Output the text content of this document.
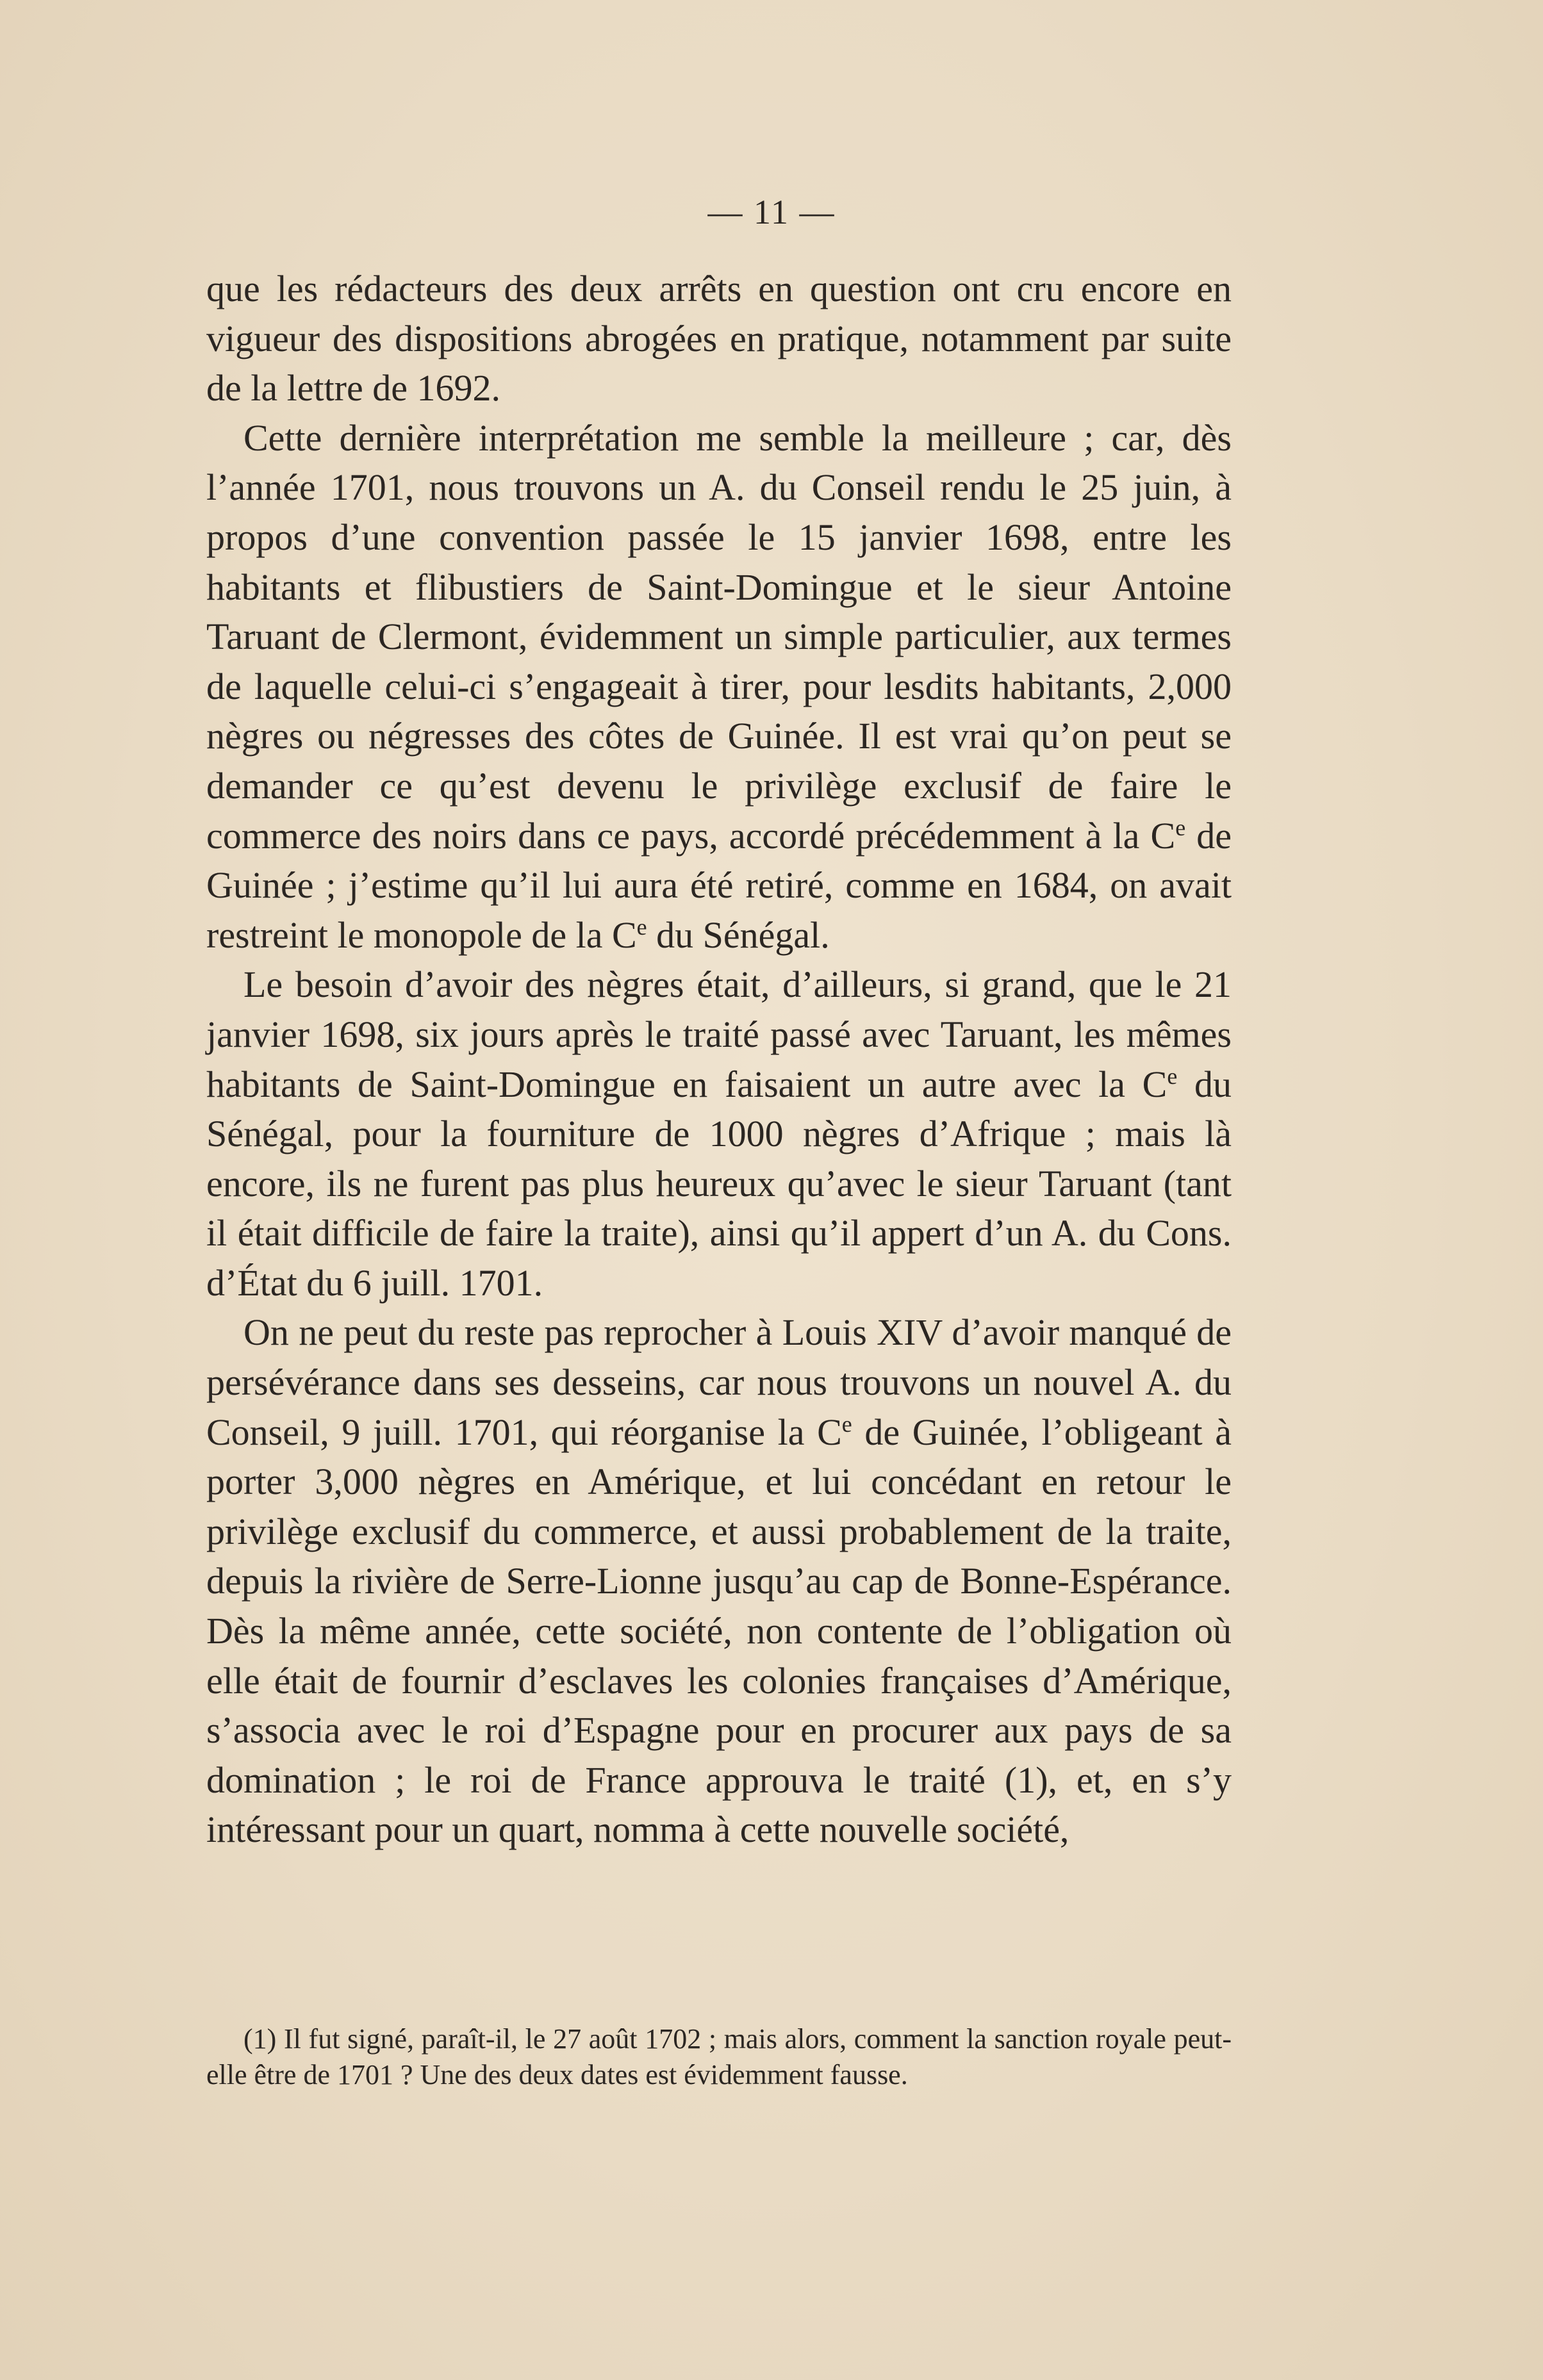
— 11 —

que les rédacteurs des deux arrêts en question ont cru encore en vigueur des dispositions abrogées en pratique, notamment par suite de la lettre de 1692.

Cette dernière interprétation me semble la meilleure ; car, dès l’année 1701, nous trouvons un A. du Conseil rendu le 25 juin, à propos d’une convention passée le 15 janvier 1698, entre les habitants et flibustiers de Saint-Domingue et le sieur Antoine Taruant de Clermont, évidemment un simple particulier, aux termes de laquelle celui-ci s’engageait à tirer, pour lesdits habitants, 2,000 nègres ou négresses des côtes de Guinée. Il est vrai qu’on peut se demander ce qu’est devenu le privilège exclusif de faire le commerce des noirs dans ce pays, accordé précédemment à la Ce de Guinée ; j’estime qu’il lui aura été retiré, comme en 1684, on avait restreint le monopole de la Ce du Sénégal.

Le besoin d’avoir des nègres était, d’ailleurs, si grand, que le 21 janvier 1698, six jours après le traité passé avec Taruant, les mêmes habitants de Saint-Domingue en faisaient un autre avec la Ce du Sénégal, pour la fourniture de 1000 nègres d’Afrique ; mais là encore, ils ne furent pas plus heureux qu’avec le sieur Taruant (tant il était difficile de faire la traite), ainsi qu’il appert d’un A. du Cons. d’État du 6 juill. 1701.

On ne peut du reste pas reprocher à Louis XIV d’avoir manqué de persévérance dans ses desseins, car nous trouvons un nouvel A. du Conseil, 9 juill. 1701, qui réorganise la Ce de Guinée, l’obligeant à porter 3,000 nègres en Amérique, et lui concédant en retour le privilège exclusif du commerce, et aussi probablement de la traite, depuis la rivière de Serre-Lionne jusqu’au cap de Bonne-Espérance. Dès la même année, cette société, non contente de l’obligation où elle était de fournir d’esclaves les colonies françaises d’Amérique, s’associa avec le roi d’Espagne pour en procurer aux pays de sa domination ; le roi de France approuva le traité (1), et, en s’y intéressant pour un quart, nomma à cette nouvelle société,

(1) Il fut signé, paraît-il, le 27 août 1702 ; mais alors, comment la sanction royale peut-elle être de 1701 ? Une des deux dates est évidemment fausse.
